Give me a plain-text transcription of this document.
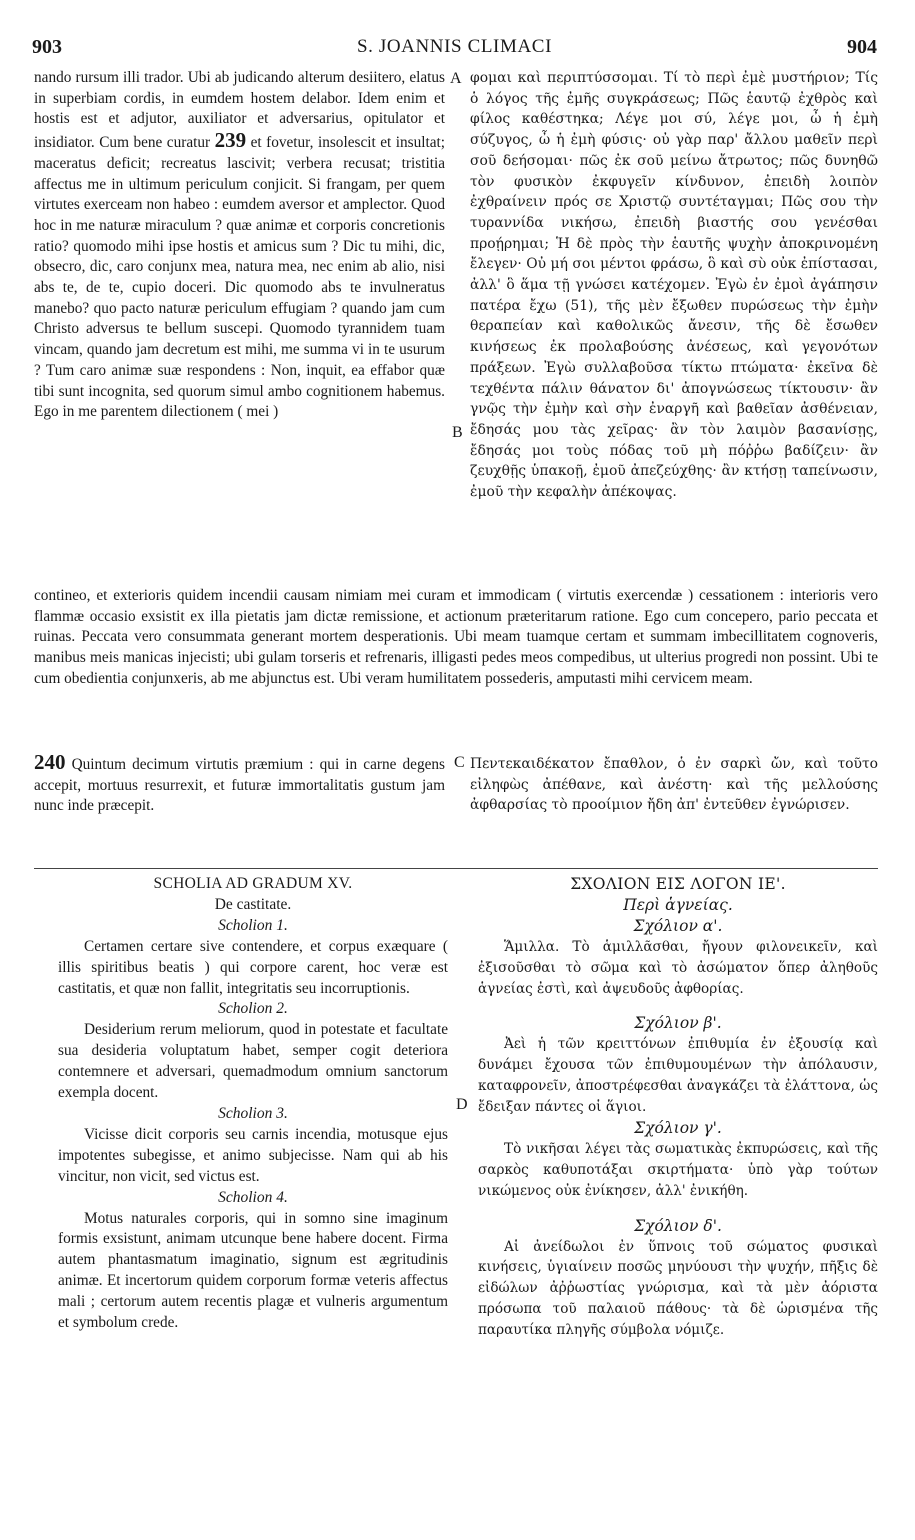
903	S. JOANNIS CLIMACI	904

nando rursum illi trador. Ubi ab judicando alterum desiitero, elatus in superbiam cordis, in eumdem hostem delabor. Idem enim et hostis est et adjutor, auxiliator et adversarius, opitulator et insidiator. Cum bene curatur 239 et fovetur, insolescit et insultat; maceratus deficit; recreatus lascivit; verbera recusat; tristitia affectus me in ultimum periculum conjicit. Si frangam, per quem virtutes exerceam non habeo : eumdem aversor et amplector. Quod hoc in me naturæ miraculum ? quæ animæ et corporis concretionis ratio? quomodo mihi ipse hostis et amicus sum ? Dic tu mihi, dic, obsecro, dic, caro conjunx mea, natura mea, nec enim ab alio, nisi abs te, de te, cupio doceri. Dic quomodo abs te invulneratus manebo? quo pacto naturæ periculum effugiam ? quando jam cum Christo adversus te bellum suscepi. Quomodo tyrannidem tuam vincam, quando jam decretum est mihi, me summa vi in te usurum ? Tum caro animæ suæ respondens : Non, inquit, ea effabor quæ tibi sunt incognita, sed quorum simul ambo cognitionem habemus. Ego in me parentem dilectionem ( mei )

A
B

φομαι καὶ περιπτύσσομαι. Τί τὸ περὶ ἐμὲ μυστήριον; Τίς ὁ λόγος τῆς ἐμῆς συγκράσεως; Πῶς ἑαυτῷ ἐχθρὸς καὶ φίλος καθέστηκα; Λέγε μοι σύ, λέγε μοι, ὦ ἡ ἐμὴ σύζυγος, ὦ ἡ ἐμὴ φύσις· οὐ γὰρ παρ' ἄλλου μαθεῖν περὶ σοῦ δεήσομαι· πῶς ἐκ σοῦ μείνω ἄτρωτος; πῶς δυνηθῶ τὸν φυσικὸν ἐκφυγεῖν κίνδυνον, ἐπειδὴ λοιπὸν ἐχθραίνειν πρός σε Χριστῷ συντέταγμαι; Πῶς σου τὴν τυραννίδα νικήσω, ἐπειδὴ βιαστής σου γενέσθαι προῄρημαι; Ἡ δὲ πρὸς τὴν ἑαυτῆς ψυχὴν ἀποκρινομένη ἔλεγεν· Οὐ μή σοι μέντοι φράσω, ὃ καὶ σὺ οὐκ ἐπίστασαι, ἀλλ' ὃ ἅμα τῇ γνώσει κατέχομεν. Ἐγὼ ἐν ἐμοὶ ἀγάπησιν πατέρα ἔχω (51), τῆς μὲν ἔξωθεν πυρώσεως τὴν ἐμὴν θεραπείαν καὶ καθολικῶς ἄνεσιν, τῆς δὲ ἔσωθεν κινήσεως ἐκ προλαβούσης ἀνέσεως, καὶ γεγονότων πράξεων. Ἐγὼ συλλαβοῦσα τίκτω πτώματα· ἐκεῖνα δὲ τεχθέντα πάλιν θάνατον δι' ἀπογνώσεως τίκτουσιν· ἂν γνῷς τὴν ἐμὴν καὶ σὴν ἐναργῆ καὶ βαθεῖαν ἀσθένειαν, ἔδησάς μου τὰς χεῖρας· ἂν τὸν λαιμὸν βασανίσῃς, ἔδησάς μοι τοὺς πόδας τοῦ μὴ πόῤῥω βαδίζειν· ἂν ζευχθῇς ὑπακοῇ, ἐμοῦ ἀπεζεύχθης· ἂν κτήσῃ ταπείνωσιν, ἐμοῦ τὴν κεφαλὴν ἀπέκοψας.

contineo, et exterioris quidem incendii causam nimiam mei curam et immodicam ( virtutis exercendæ ) cessationem : interioris vero flammæ occasio exsistit ex illa pietatis jam dictæ remissione, et actionum præteritarum ratione. Ego cum concepero, pario peccata et ruinas. Peccata vero consummata generant mortem desperationis. Ubi meam tuamque certam et summam imbecillitatem cognoveris, manibus meis manicas injecisti; ubi gulam torseris et refrenaris, illigasti pedes meos compedibus, ut ulterius progredi non possint. Ubi te cum obedientia conjunxeris, ab me abjunctus est. Ubi veram humilitatem possederis, amputasti mihi cervicem meam.

240 Quintum decimum virtutis præmium : qui in carne degens accepit, mortuus resurrexit, et futuræ immortalitatis gustum jam nunc inde præcepit.

C Πεντεκαιδέκατον ἔπαθλον, ὁ ἐν σαρκὶ ὤν, καὶ τοῦτο εἰληφὼς ἀπέθανε, καὶ ἀνέστη· καὶ τῆς μελλούσης ἀφθαρσίας τὸ προοίμιον ἤδη ἀπ' ἐντεῦθεν ἐγνώρισεν.

SCHOLIA AD GRADUM XV.

De castitate.

Scholion 1.

Certamen certare sive contendere, et corpus exæquare ( illis spiritibus beatis ) qui corpore carent, hoc veræ est castitatis, et quæ non fallit, integritatis seu incorruptionis.

Scholion 2.

Desiderium rerum meliorum, quod in potestate et facultate sua desideria voluptatum habet, semper cogit deteriora contemnere et adversari, quemadmodum omnium sanctorum exempla docent.

Scholion 3.

Vicisse dicit corporis seu carnis incendia, motusque ejus impotentes subegisse, et animo subjecisse. Nam qui ab his vincitur, non vicit, sed victus est.

Scholion 4.

Motus naturales corporis, qui in somno sine imaginum formis exsistunt, animam utcunque bene habere docent. Firma autem phantasmatum imaginatio, signum est ægritudinis animæ. Et incertorum quidem corporum formæ veteris affectus mali ; certorum autem recentis plagæ et vulneris argumentum et symbolum crede.

D

ΣΧΟΛΙΟΝ ΕΙΣ ΛΟΓΟΝ ΙΕ'.

Περὶ ἁγνείας.

Σχόλιον α'.

Ἅμιλλα. Τὸ ἁμιλλᾶσθαι, ἤγουν φιλονεικεῖν, καὶ ἐξισοῦσθαι τὸ σῶμα καὶ τὸ ἀσώματον ὅπερ ἀληθοῦς ἁγνείας ἐστὶ, καὶ ἀψευδοῦς ἀφθορίας.

Σχόλιον β'.

Ἀεὶ ἡ τῶν κρειττόνων ἐπιθυμία ἐν ἐξουσίᾳ καὶ δυνάμει ἔχουσα τῶν ἐπιθυμουμένων τὴν ἀπόλαυσιν, καταφρονεῖν, ἀποστρέφεσθαι ἀναγκάζει τὰ ἐλάττονα, ὡς ἔδειξαν πάντες οἱ ἅγιοι.

Σχόλιον γ'.

Τὸ νικῆσαι λέγει τὰς σωματικὰς ἐκπυρώσεις, καὶ τῆς σαρκὸς καθυποτάξαι σκιρτήματα· ὑπὸ γὰρ τούτων νικώμενος οὐκ ἐνίκησεν, ἀλλ' ἐνικήθη.

Σχόλιον δ'.

Αἱ ἀνείδωλοι ἐν ὕπνοις τοῦ σώματος φυσικαὶ κινήσεις, ὑγιαίνειν ποσῶς μηνύουσι τὴν ψυχήν, πῆξις δὲ εἰδώλων ἀῤῥωστίας γνώρισμα, καὶ τὰ μὲν ἀόριστα πρόσωπα τοῦ παλαιοῦ πάθους· τὰ δὲ ὡρισμένα τῆς παραυτίκα πληγῆς σύμβολα νόμιζε.
